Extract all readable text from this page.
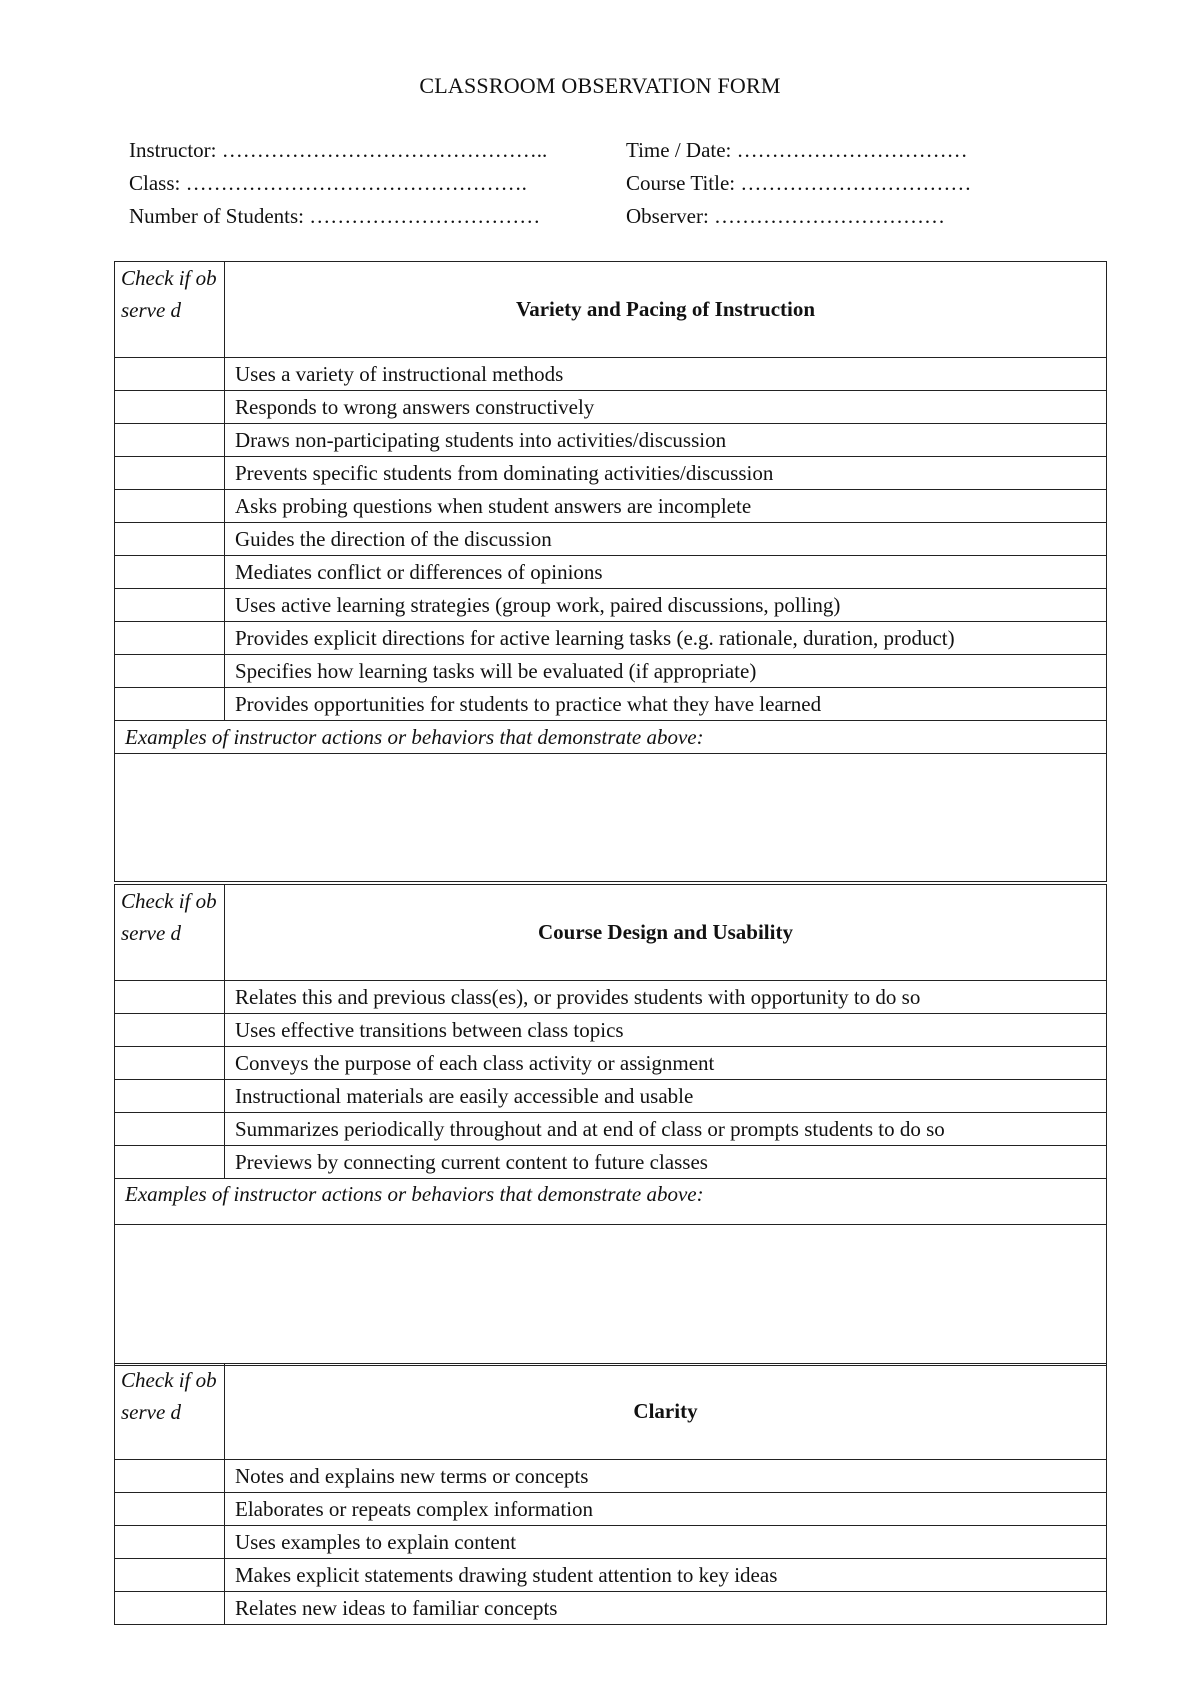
CLASSROOM OBSERVATION FORM
Instructor: ………………………………………..	Time / Date: ……………………………
Class: ………………………………………….	Course Title: ……………………………
Number of Students: ……………………………	Observer: ……………………………
Check if observe d	Variety and Pacing of Instruction
	Uses a variety of instructional methods
	Responds to wrong answers constructively
	Draws non-participating students into activities/discussion
	Prevents specific students from dominating activities/discussion
	Asks probing questions when student answers are incomplete
	Guides the direction of the discussion
	Mediates conflict or differences of opinions
	Uses active learning strategies (group work, paired discussions, polling)
	Provides explicit directions for active learning tasks (e.g. rationale, duration, product)
	Specifies how learning tasks will be evaluated (if appropriate)
	Provides opportunities for students to practice what they have learned
Examples of instructor actions or behaviors that demonstrate above:	

Check if observe d	Course Design and Usability
	Relates this and previous class(es), or provides students with opportunity to do so
	Uses effective transitions between class topics
	Conveys the purpose of each class activity or assignment
	Instructional materials are easily accessible and usable
	Summarizes periodically throughout and at end of class or prompts students to do so
	Previews by connecting current content to future classes
Examples of instructor actions or behaviors that demonstrate above:	

Check if observe d	Clarity
	Notes and explains new terms or concepts
	Elaborates or repeats complex information
	Uses examples to explain content
	Makes explicit statements drawing student attention to key ideas
	Relates new ideas to familiar concepts
